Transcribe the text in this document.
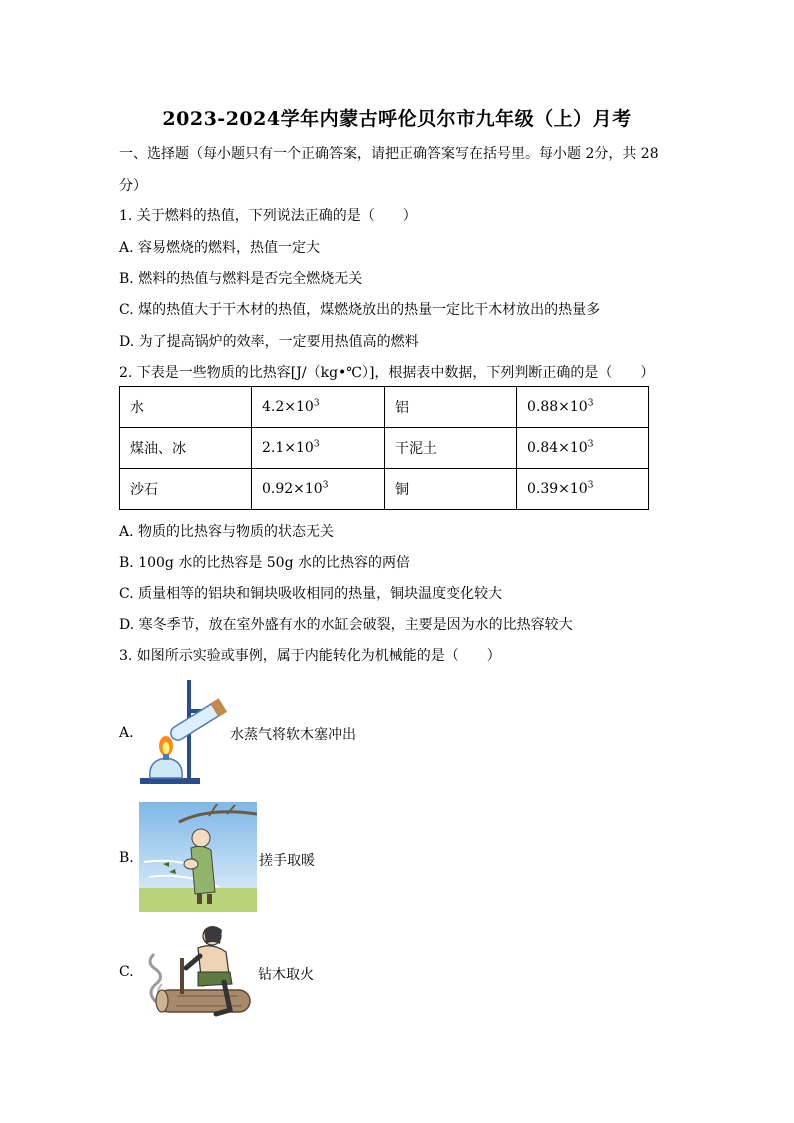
2023-2024学年内蒙古呼伦贝尔市九年级（上）月考
一、选择题（每小题只有一个正确答案，请把正确答案写在括号里。每小题 2分，共 28
分）
1. 关于燃料的热值，下列说法正确的是（　　）
A. 容易燃烧的燃料，热值一定大
B. 燃料的热值与燃料是否完全燃烧无关
C. 煤的热值大于干木材的热值，煤燃烧放出的热量一定比干木材放出的热量多
D. 为了提高锅炉的效率，一定要用热值高的燃料
2. 下表是一些物质的比热容[J/（kg•℃）]，根据表中数据，下列判断正确的是（　　）
水	$4.2\times 10^3$	铝	$0.88\times 10^3$
煤油、冰	$2.1\times 10^3$	干泥土	$0.84\times 10^3$
沙石	$0.92\times 10^3$	铜	$0.39\times 10^3$
A. 物质的比热容与物质的状态无关
B. 100g 水的比热容是 50g 水的比热容的两倍
C. 质量相等的铝块和铜块吸收相同的热量，铜块温度变化较大
D. 寒冬季节，放在室外盛有水的水缸会破裂，主要是因为水的比热容较大
3. 如图所示实验或事例，属于内能转化为机械能的是（　　）
A.	水蒸气将软木塞冲出
B.	搓手取暖
C.	钻木取火
